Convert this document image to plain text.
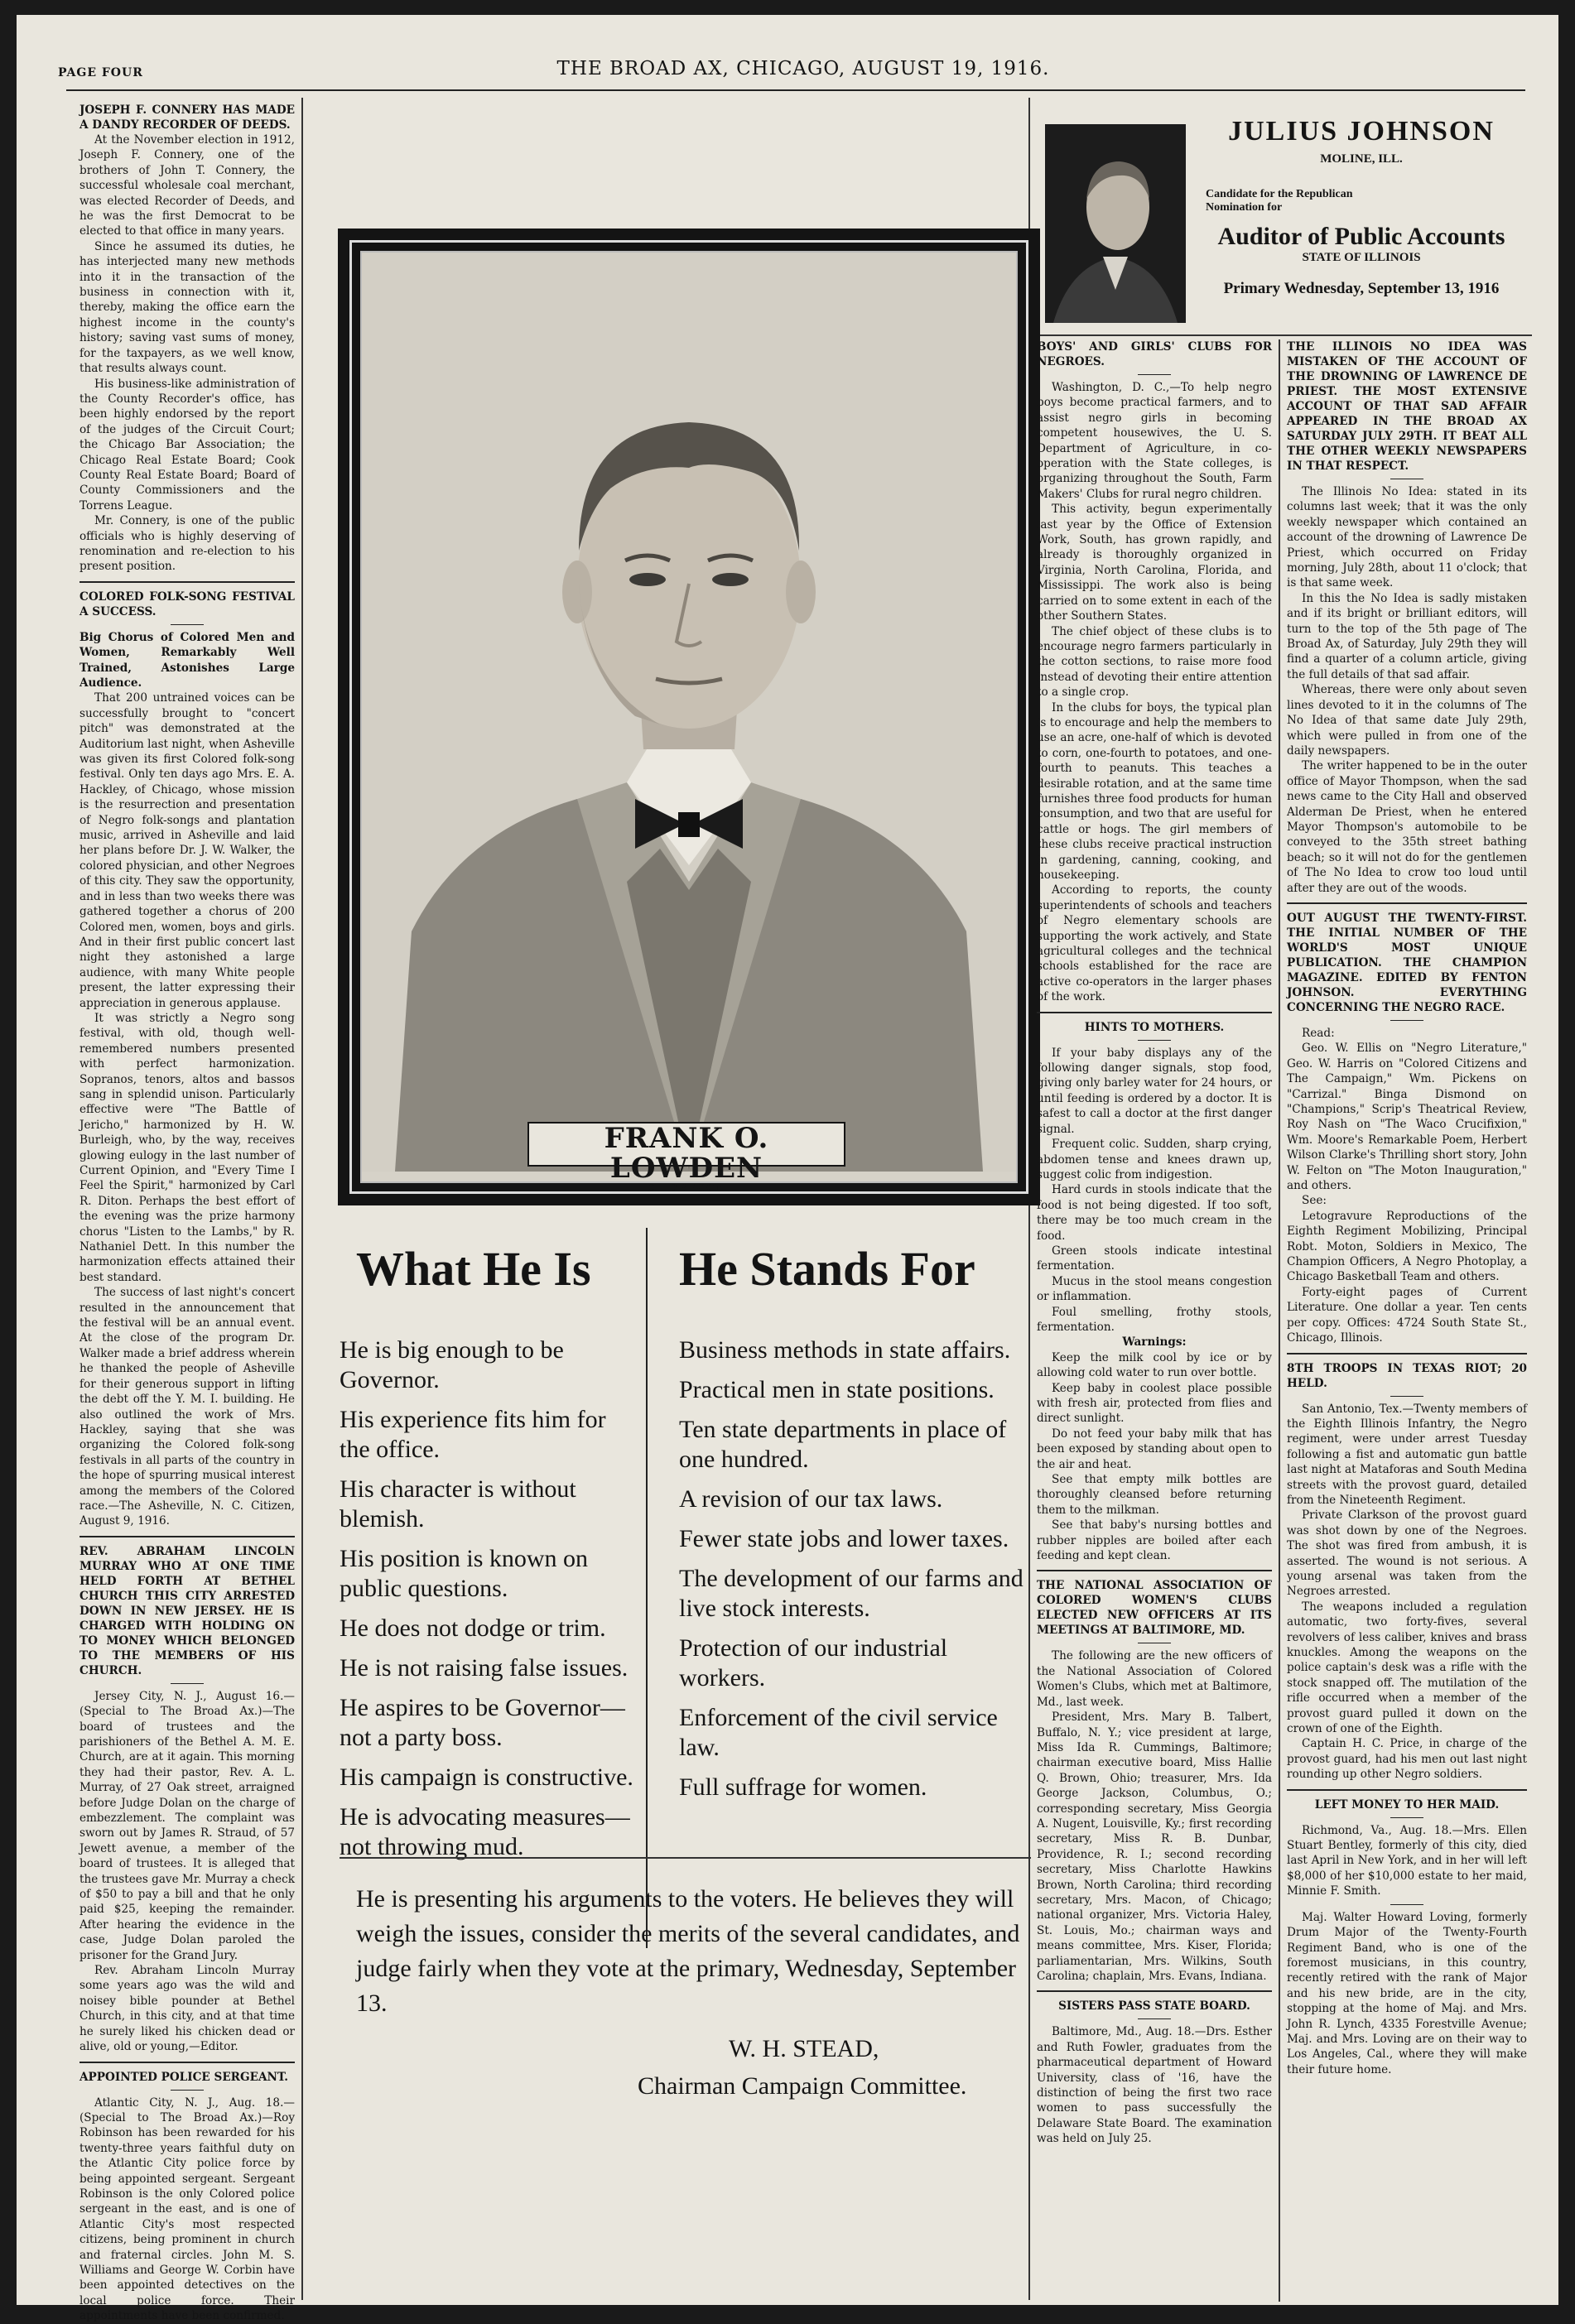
PAGE FOUR	THE BROAD AX, CHICAGO, AUGUST 19, 1916.

JOSEPH F. CONNERY HAS MADE A DANDY RECORDER OF DEEDS.

At the November election in 1912, Joseph F. Connery, one of the brothers of John T. Connery, the successful wholesale coal merchant, was elected Recorder of Deeds, and he was the first Democrat to be elected to that office in many years.

Since he assumed its duties, he has interjected many new methods into it in the transaction of the business in connection with it, thereby, making the office earn the highest income in the county's history; saving vast sums of money, for the taxpayers, as we well know, that results always count.

His business-like administration of the County Recorder's office, has been highly endorsed by the report of the judges of the Circuit Court; the Chicago Bar Association; the Chicago Real Estate Board; Cook County Real Estate Board; Board of County Commissioners and the Torrens League.

Mr. Connery, is one of the public officials who is highly deserving of renomination and re-election to his present position.

COLORED FOLK-SONG FESTIVAL A SUCCESS.

Big Chorus of Colored Men and Women, Remarkably Well Trained, Astonishes Large Audience.

That 200 untrained voices can be successfully brought to "concert pitch" was demonstrated at the Auditorium last night, when Asheville was given its first Colored folk-song festival. Only ten days ago Mrs. E. A. Hackley, of Chicago, whose mission is the resurrection and presentation of Negro folk-songs and plantation music, arrived in Asheville and laid her plans before Dr. J. W. Walker, the colored physician, and other Negroes of this city. They saw the opportunity, and in less than two weeks there was gathered together a chorus of 200 Colored men, women, boys and girls. And in their first public concert last night they astonished a large audience, with many White people present, the latter expressing their appreciation in generous applause.

It was strictly a Negro song festival, with old, though well-remembered numbers presented with perfect harmonization. Sopranos, tenors, altos and bassos sang in splendid unison. Particularly effective were "The Battle of Jericho," harmonized by H. W. Burleigh, who, by the way, receives glowing eulogy in the last number of Current Opinion, and "Every Time I Feel the Spirit," harmonized by Carl R. Diton. Perhaps the best effort of the evening was the prize harmony chorus "Listen to the Lambs," by R. Nathaniel Dett. In this number the harmonization effects attained their best standard.

The success of last night's concert resulted in the announcement that the festival will be an annual event. At the close of the program Dr. Walker made a brief address wherein he thanked the people of Asheville for their generous support in lifting the debt off the Y. M. I. building. He also outlined the work of Mrs. Hackley, saying that she was organizing the Colored folk-song festivals in all parts of the country in the hope of spurring musical interest among the members of the Colored race.—The Asheville, N. C. Citizen, August 9, 1916.

REV. ABRAHAM LINCOLN MURRAY WHO AT ONE TIME HELD FORTH AT BETHEL CHURCH THIS CITY ARRESTED DOWN IN NEW JERSEY. HE IS CHARGED WITH HOLDING ON TO MONEY WHICH BELONGED TO THE MEMBERS OF HIS CHURCH.

Jersey City, N. J., August 16.—(Special to The Broad Ax.)—The board of trustees and the parishioners of the Bethel A. M. E. Church, are at it again. This morning they had their pastor, Rev. A. L. Murray, of 27 Oak street, arraigned before Judge Dolan on the charge of embezzlement. The complaint was sworn out by James R. Straud, of 57 Jewett avenue, a member of the board of trustees. It is alleged that the trustees gave Mr. Murray a check of $50 to pay a bill and that he only paid $25, keeping the remainder. After hearing the evidence in the case, Judge Dolan paroled the prisoner for the Grand Jury.

Rev. Abraham Lincoln Murray some years ago was the wild and noisey bible pounder at Bethel Church, in this city, and at that time he surely liked his chicken dead or alive, old or young,—Editor.

APPOINTED POLICE SERGEANT.

Atlantic City, N. J., Aug. 18.—(Special to The Broad Ax.)—Roy Robinson has been rewarded for his twenty-three years faithful duty on the Atlantic City police force by being appointed sergeant. Sergeant Robinson is the only Colored police sergeant in the east, and is one of Atlantic City's most respected citizens, being prominent in church and fraternal circles. John M. S. Williams and George W. Corbin have been appointed detectives on the local police force. Their appointments have been confirmed.

FRANK O. LOWDEN
OF OREGON
What He Is He Stands For
He is big enough to be Governor.
His experience fits him for the office.
His character is without blemish.
His position is known on public questions.
He does not dodge or trim.
He is not raising false issues.
He aspires to be Governor—not a party boss.
His campaign is constructive.
He is advocating measures—not throwing mud.
Business methods in state affairs.
Practical men in state positions.
Ten state departments in place of one hundred.
A revision of our tax laws.
Fewer state jobs and lower taxes.
The development of our farms and live stock interests.
Protection of our industrial workers.
Enforcement of the civil service law.
Full suffrage for women.
He is presenting his arguments to the voters. He believes they will weigh the issues, consider the merits of the several candidates, and judge fairly when they vote at the primary, Wednesday, September 13.
W. H. STEAD,
Chairman Campaign Committee.
JULIUS JOHNSON
MOLINE, ILL.
Candidate for the Republican
Nomination for
Auditor of Public Accounts
STATE OF ILLINOIS
Primary Wednesday, September 13, 1916

BOYS' AND GIRLS' CLUBS FOR NEGROES.

Washington, D. C.,—To help negro boys become practical farmers, and to assist negro girls in becoming competent housewives, the U. S. Department of Agriculture, in co-operation with the State colleges, is organizing throughout the South, Farm Makers' Clubs for rural negro children.

This activity, begun experimentally last year by the Office of Extension Work, South, has grown rapidly, and already is thoroughly organized in Virginia, North Carolina, Florida, and Mississippi. The work also is being carried on to some extent in each of the other Southern States.

The chief object of these clubs is to encourage negro farmers particularly in the cotton sections, to raise more food instead of devoting their entire attention to a single crop.

In the clubs for boys, the typical plan is to encourage and help the members to use an acre, one-half of which is devoted to corn, one-fourth to potatoes, and one-fourth to peanuts. This teaches a desirable rotation, and at the same time furnishes three food products for human consumption, and two that are useful for cattle or hogs. The girl members of these clubs receive practical instruction in gardening, canning, cooking, and housekeeping.

According to reports, the county superintendents of schools and teachers of Negro elementary schools are supporting the work actively, and State agricultural colleges and the technical schools established for the race are active co-operators in the larger phases of the work.

HINTS TO MOTHERS.

If your baby displays any of the following danger signals, stop food, giving only barley water for 24 hours, or until feeding is ordered by a doctor. It is safest to call a doctor at the first danger signal.

Frequent colic. Sudden, sharp crying, abdomen tense and knees drawn up, suggest colic from indigestion.

Hard curds in stools indicate that the food is not being digested. If too soft, there may be too much cream in the food.

Green stools indicate intestinal fermentation.

Mucus in the stool means congestion or inflammation.

Foul smelling, frothy stools, fermentation.

Warnings:

Keep the milk cool by ice or by allowing cold water to run over bottle.

Keep baby in coolest place possible with fresh air, protected from flies and direct sunlight.

Do not feed your baby milk that has been exposed by standing about open to the air and heat.

See that empty milk bottles are thoroughly cleansed before returning them to the milkman.

See that baby's nursing bottles and rubber nipples are boiled after each feeding and kept clean.

THE NATIONAL ASSOCIATION OF COLORED WOMEN'S CLUBS ELECTED NEW OFFICERS AT ITS MEETINGS AT BALTIMORE, MD.

The following are the new officers of the National Association of Colored Women's Clubs, which met at Baltimore, Md., last week.

President, Mrs. Mary B. Talbert, Buffalo, N. Y.; vice president at large, Miss Ida R. Cummings, Baltimore; chairman executive board, Miss Hallie Q. Brown, Ohio; treasurer, Mrs. Ida George Jackson, Columbus, O.; corresponding secretary, Miss Georgia A. Nugent, Louisville, Ky.; first recording secretary, Miss R. B. Dunbar, Providence, R. I.; second recording secretary, Miss Charlotte Hawkins Brown, North Carolina; third recording secretary, Mrs. Macon, of Chicago; national organizer, Mrs. Victoria Haley, St. Louis, Mo.; chairman ways and means committee, Mrs. Kiser, Florida; parliamentarian, Mrs. Wilkins, South Carolina; chaplain, Mrs. Evans, Indiana.

SISTERS PASS STATE BOARD.

Baltimore, Md., Aug. 18.—Drs. Esther and Ruth Fowler, graduates from the pharmaceutical department of Howard University, class of '16, have the distinction of being the first two race women to pass successfully the Delaware State Board. The examination was held on July 25.

THE ILLINOIS NO IDEA WAS MISTAKEN OF THE ACCOUNT OF THE DROWNING OF LAWRENCE DE PRIEST. THE MOST EXTENSIVE ACCOUNT OF THAT SAD AFFAIR APPEARED IN THE BROAD AX SATURDAY JULY 29TH. IT BEAT ALL THE OTHER WEEKLY NEWSPAPERS IN THAT RESPECT.

The Illinois No Idea: stated in its columns last week; that it was the only weekly newspaper which contained an account of the drowning of Lawrence De Priest, which occurred on Friday morning, July 28th, about 11 o'clock; that is that same week.

In this the No Idea is sadly mistaken and if its bright or brilliant editors, will turn to the top of the 5th page of The Broad Ax, of Saturday, July 29th they will find a quarter of a column article, giving the full details of that sad affair.

Whereas, there were only about seven lines devoted to it in the columns of The No Idea of that same date July 29th, which were pulled in from one of the daily newspapers.

The writer happened to be in the outer office of Mayor Thompson, when the sad news came to the City Hall and observed Alderman De Priest, when he entered Mayor Thompson's automobile to be conveyed to the 35th street bathing beach; so it will not do for the gentlemen of The No Idea to crow too loud until after they are out of the woods.

OUT AUGUST THE TWENTY-FIRST. THE INITIAL NUMBER OF THE WORLD'S MOST UNIQUE PUBLICATION. THE CHAMPION MAGAZINE. EDITED BY FENTON JOHNSON. EVERYTHING CONCERNING THE NEGRO RACE.

Read:

Geo. W. Ellis on "Negro Literature," Geo. W. Harris on "Colored Citizens and The Campaign," Wm. Pickens on "Carrizal." Binga Dismond on "Champions," Scrip's Theatrical Review, Roy Nash on "The Waco Crucifixion," Wm. Moore's Remarkable Poem, Herbert Wilson Clarke's Thrilling short story, John W. Felton on "The Moton Inauguration," and others.

See:

Letogravure Reproductions of the Eighth Regiment Mobilizing, Principal Robt. Moton, Soldiers in Mexico, The Champion Officers, A Negro Photoplay, a Chicago Basketball Team and others.

Forty-eight pages of Current Literature. One dollar a year. Ten cents per copy. Offices: 4724 South State St., Chicago, Illinois.

8TH TROOPS IN TEXAS RIOT; 20 HELD.

San Antonio, Tex.—Twenty members of the Eighth Illinois Infantry, the Negro regiment, were under arrest Tuesday following a fist and automatic gun battle last night at Mataforas and South Medina streets with the provost guard, detailed from the Nineteenth Regiment.

Private Clarkson of the provost guard was shot down by one of the Negroes. The shot was fired from ambush, it is asserted. The wound is not serious. A young arsenal was taken from the Negroes arrested.

The weapons included a regulation automatic, two forty-fives, several revolvers of less caliber, knives and brass knuckles. Among the weapons on the police captain's desk was a rifle with the stock snapped off. The mutilation of the rifle occurred when a member of the provost guard pulled it down on the crown of one of the Eighth.

Captain H. C. Price, in charge of the provost guard, had his men out last night rounding up other Negro soldiers.

LEFT MONEY TO HER MAID.

Richmond, Va., Aug. 18.—Mrs. Ellen Stuart Bentley, formerly of this city, died last April in New York, and in her will left $8,000 of her $10,000 estate to her maid, Minnie F. Smith.

Maj. Walter Howard Loving, formerly Drum Major of the Twenty-Fourth Regiment Band, who is one of the foremost musicians, in this country, recently retired with the rank of Major and his new bride, are in the city, stopping at the home of Maj. and Mrs. John R. Lynch, 4335 Forestville Avenue; Maj. and Mrs. Loving are on their way to Los Angeles, Cal., where they will make their future home.
